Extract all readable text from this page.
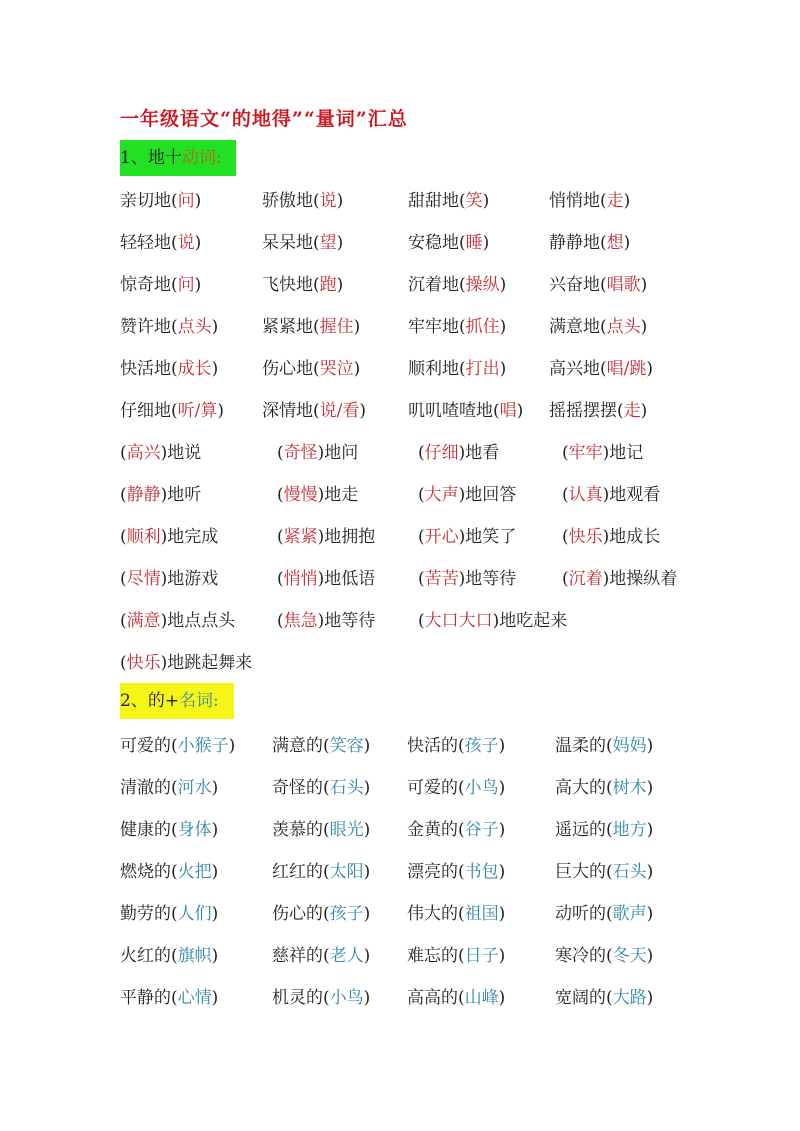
一年级语文“的地得”“量词”汇总
1、地十动词:
亲切地(问)	骄傲地(说)	甜甜地(笑)	悄悄地(走)
轻轻地(说)	呆呆地(望)	安稳地(睡)	静静地(想)
惊奇地(问)	飞快地(跑)	沉着地(操纵)	兴奋地(唱歌)
赞许地(点头)	紧紧地(握住)	牢牢地(抓住)	满意地(点头)
快活地(成长)	伤心地(哭泣)	顺利地(打出)	高兴地(唱/跳)
仔细地(听/算)	深情地(说/看)	叽叽喳喳地(唱)	摇摇摆摆(走)
(高兴)地说	(奇怪)地问	(仔细)地看	(牢牢)地记
(静静)地听	(慢慢)地走	(大声)地回答	(认真)地观看
(顺利)地完成	(紧紧)地拥抱	(开心)地笑了	(快乐)地成长
(尽情)地游戏	(悄悄)地低语	(苦苦)地等待	(沉着)地操纵着
(满意)地点点头	(焦急)地等待	(大口大口)地吃起来
(快乐)地跳起舞来
2、的+名词:
可爱的(小猴子)	满意的(笑容)	快活的(孩子)	温柔的(妈妈)
清澈的(河水)	奇怪的(石头)	可爱的(小鸟)	高大的(树木)
健康的(身体)	羡慕的(眼光)	金黄的(谷子)	遥远的(地方)
燃烧的(火把)	红红的(太阳)	漂亮的(书包)	巨大的(石头)
勤劳的(人们)	伤心的(孩子)	伟大的(祖国)	动听的(歌声)
火红的(旗帜)	慈祥的(老人)	难忘的(日子)	寒冷的(冬天)
平静的(心情)	机灵的(小鸟)	高高的(山峰)	宽阔的(大路)
